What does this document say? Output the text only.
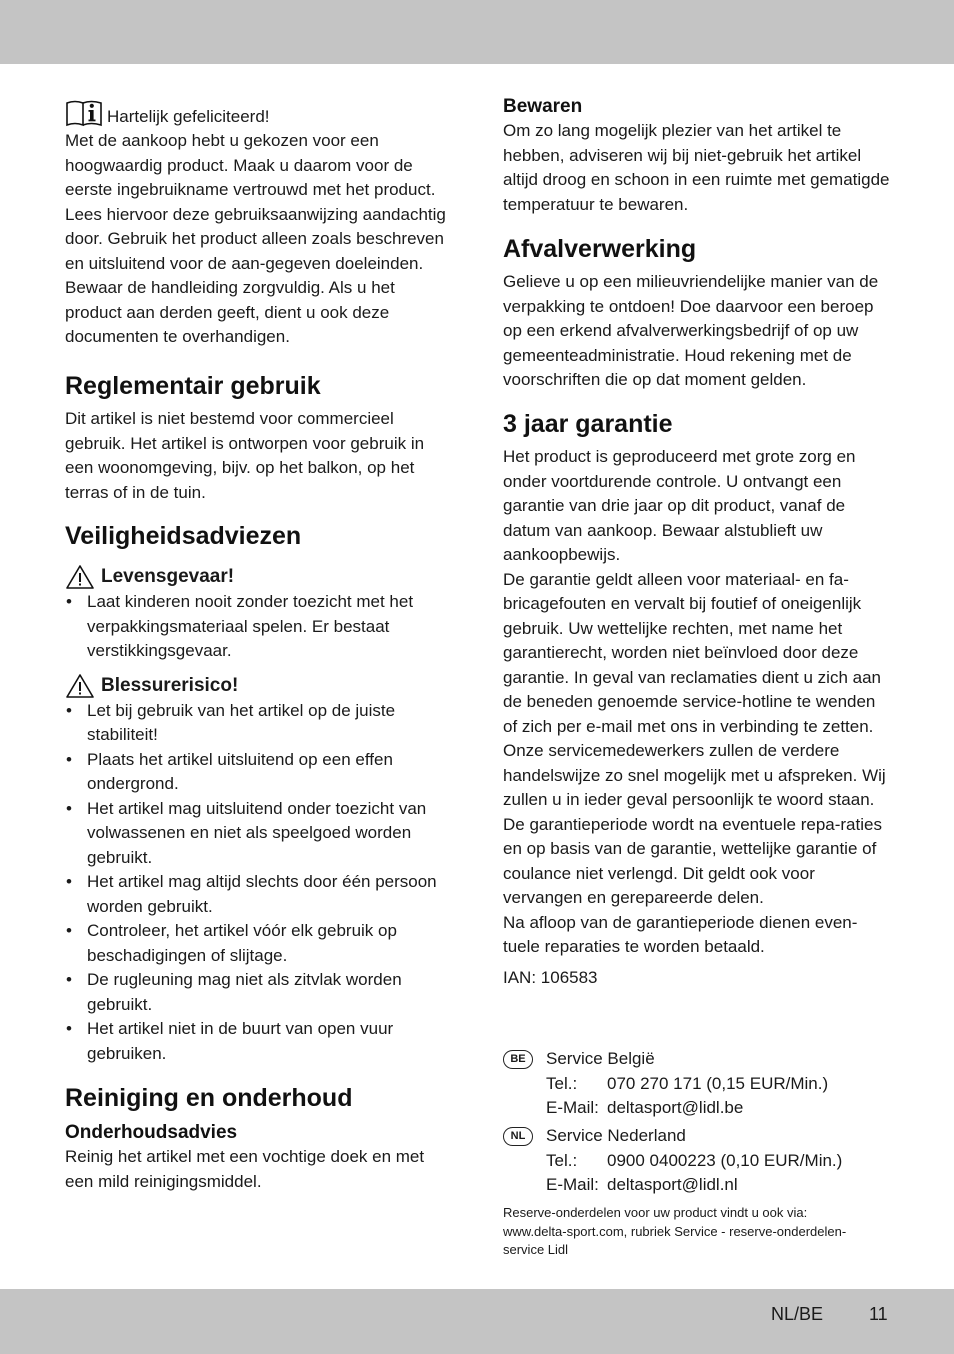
Hartelijk gefeliciteerd!

Met de aankoop hebt u gekozen voor een hoogwaardig product. Maak u daarom voor de eerste ingebruikname vertrouwd met het product. Lees hiervoor deze gebruiksaanwijzing aandachtig door. Gebruik het product alleen zoals beschreven en uitsluitend voor de aan-gegeven doeleinden. Bewaar de handleiding zorgvuldig. Als u het product aan derden geeft, dient u ook deze documenten te overhandigen.

Reglementair gebruik

Dit artikel is niet bestemd voor commercieel gebruik. Het artikel is ontworpen voor gebruik in een woonomgeving, bijv. op het balkon, op het terras of in de tuin.

Veiligheidsadviezen
Levensgevaar!
• Laat kinderen nooit zonder toezicht met het verpakkingsmateriaal spelen. Er bestaat verstikkingsgevaar.
Blessurerisico!
• Let bij gebruik van het artikel op de juiste stabiliteit!
• Plaats het artikel uitsluitend op een effen ondergrond.
• Het artikel mag uitsluitend onder toezicht van volwassenen en niet als speelgoed worden gebruikt.
• Het artikel mag altijd slechts door één persoon worden gebruikt.
• Controleer, het artikel vóór elk gebruik op beschadigingen of slijtage.
• De rugleuning mag niet als zitvlak worden gebruikt.
• Het artikel niet in de buurt van open vuur gebruiken.
Reiniging en onderhoud
Onderhoudsadvies

Reinig het artikel met een vochtige doek en met een mild reinigingsmiddel.

Bewaren

Om zo lang mogelijk plezier van het artikel te hebben, adviseren wij bij niet-gebruik het artikel altijd droog en schoon in een ruimte met gematigde temperatuur te bewaren.

Afvalverwerking

Gelieve u op een milieuvriendelijke manier van de verpakking te ontdoen! Doe daarvoor een beroep op een erkend afvalverwerkingsbedrijf of op uw gemeenteadministratie. Houd rekening met de voorschriften die op dat moment gelden.

3 jaar garantie

Het product is geproduceerd met grote zorg en onder voortdurende controle. U ontvangt een garantie van drie jaar op dit product, vanaf de datum van aankoop. Bewaar alstublieft uw aankoopbewijs.

De garantie geldt alleen voor materiaal- en fa-bricagefouten en vervalt bij foutief of oneigenlijk gebruik. Uw wettelijke rechten, met name het garantierecht, worden niet beïnvloed door deze garantie. In geval van reclamaties dient u zich aan de beneden genoemde service-hotline te wenden of zich per e-mail met ons in verbinding te zetten.

Onze servicemedewerkers zullen de verdere handelswijze zo snel mogelijk met u afspreken. Wij zullen u in ieder geval persoonlijk te woord staan.

De garantieperiode wordt na eventuele repa-raties en op basis van de garantie, wettelijke garantie of coulance niet verlengd. Dit geldt ook voor vervangen en gerepareerde delen.

Na afloop van de garantieperiode dienen even-tuele reparaties te worden betaald.

IAN: 106583

BE	Service België
Tel.:	070 270 171 (0,15 EUR/Min.)
E-Mail: deltasport@lidl.be
NL	Service Nederland
Tel.:	0900 0400223 (0,10 EUR/Min.)
E-Mail: deltasport@lidl.nl

Reserve-onderdelen voor uw product vindt u ook via: www.delta-sport.com, rubriek Service - reserve-onderdelen-service Lidl

NL/BE	11
